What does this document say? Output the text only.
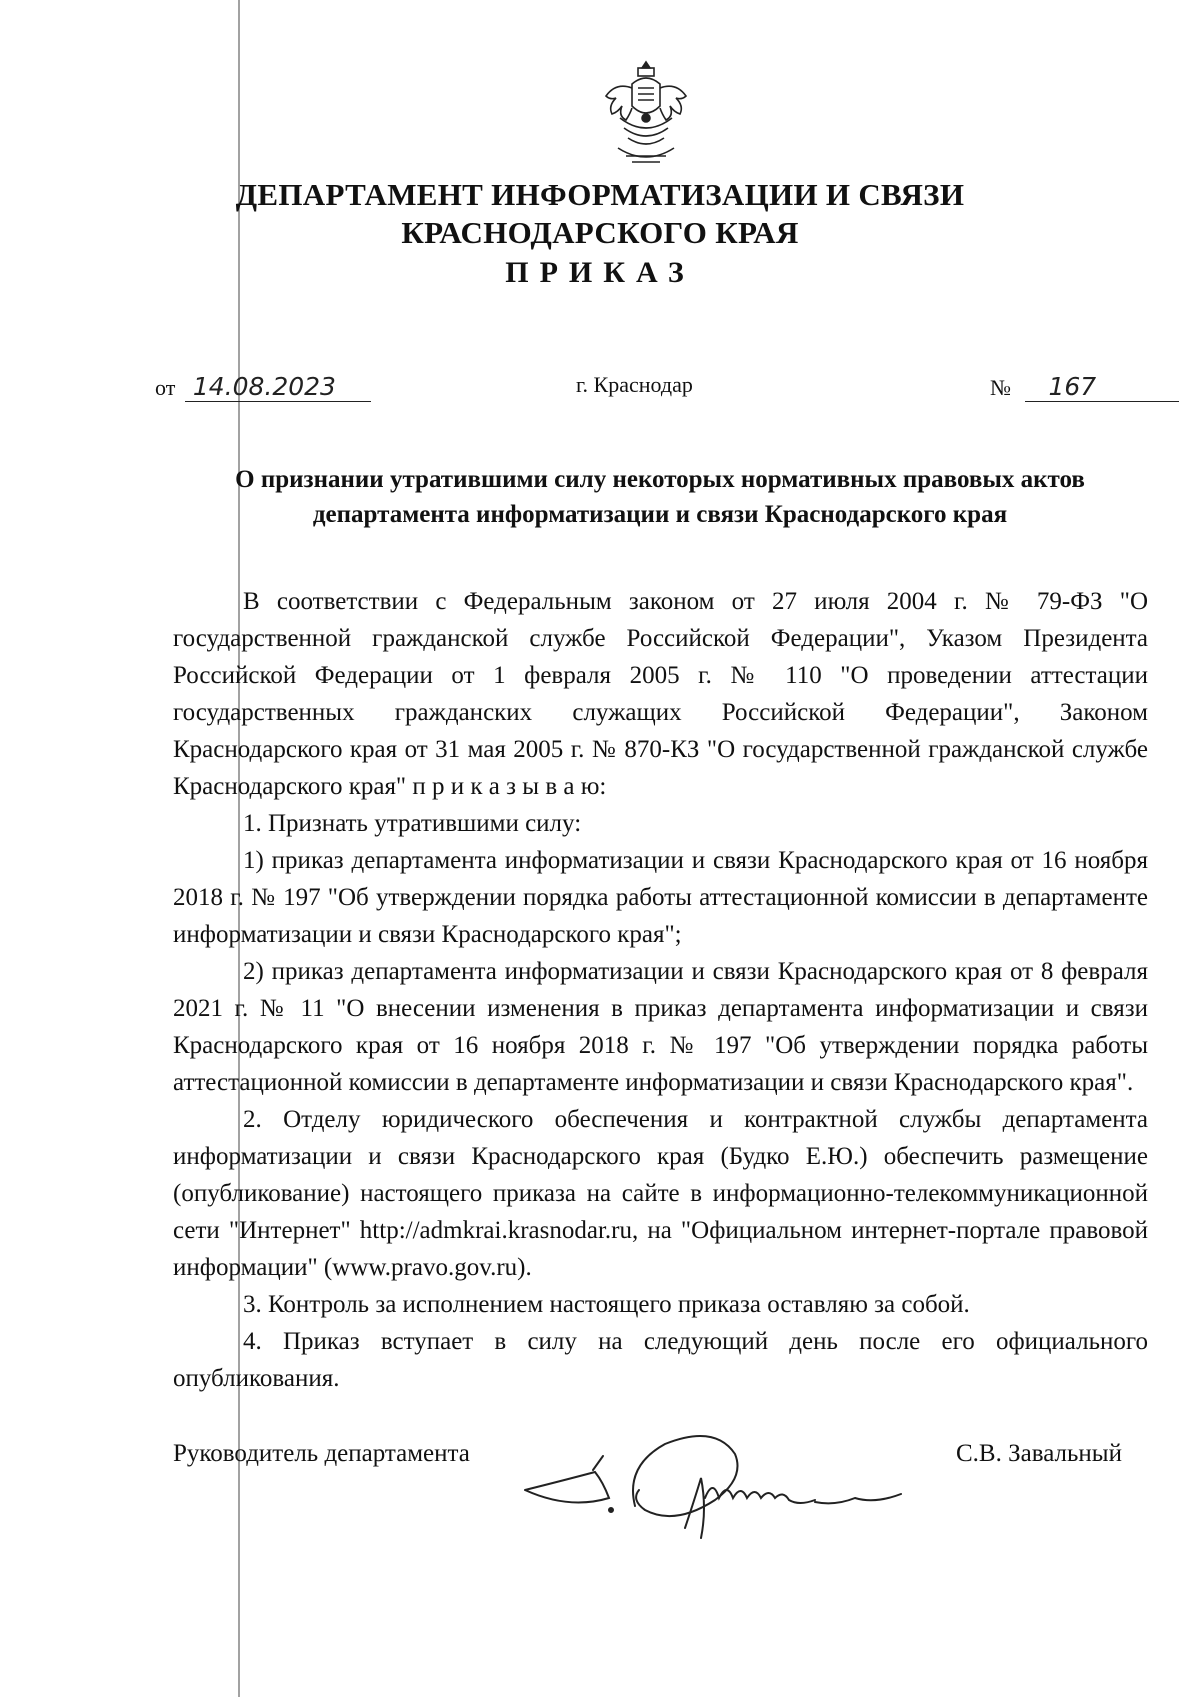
ДЕПАРТАМЕНТ ИНФОРМАТИЗАЦИИ И СВЯЗИ
КРАСНОДАРСКОГО КРАЯ
ПРИКАЗ
от 14.08.2023	г. Краснодар	№ 167
О признании утратившими силу некоторых нормативных правовых актов
департамента информатизации и связи Краснодарского края

В соответствии с Федеральным законом от 27 июля 2004 г. № 79-ФЗ "О государственной гражданской службе Российской Федерации", Указом Президента Российской Федерации от 1 февраля 2005 г. № 110 "О проведении аттестации государственных гражданских служащих Российской Федерации", Законом Краснодарского края от 31 мая 2005 г. № 870-КЗ "О государственной гражданской службе Краснодарского края" п р и к а з ы в а ю:

1. Признать утратившими силу:

1) приказ департамента информатизации и связи Краснодарского края от 16 ноября 2018 г. № 197 "Об утверждении порядка работы аттестационной комиссии в департаменте информатизации и связи Краснодарского края";

2) приказ департамента информатизации и связи Краснодарского края от 8 февраля 2021 г. № 11 "О внесении изменения в приказ департамента информатизации и связи Краснодарского края от 16 ноября 2018 г. № 197 "Об утверждении порядка работы аттестационной комиссии в департаменте информатизации и связи Краснодарского края".

2. Отделу юридического обеспечения и контрактной службы департамента информатизации и связи Краснодарского края (Будко Е.Ю.) обеспечить размещение (опубликование) настоящего приказа на сайте в информационно-телекоммуникационной сети "Интернет" http://admkrai.krasnodar.ru, на "Официальном интернет-портале правовой информации" (www.pravo.gov.ru).

3. Контроль за исполнением настоящего приказа оставляю за собой.

4. Приказ вступает в силу на следующий день после его официального опубликования.

Руководитель департамента	С.В. Завальный
